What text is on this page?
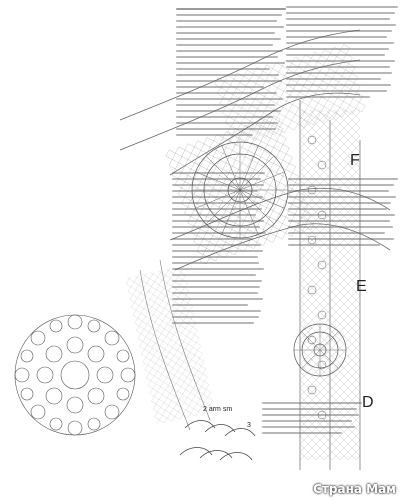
F
E
D
2 arm sm
3
Страна Мам
